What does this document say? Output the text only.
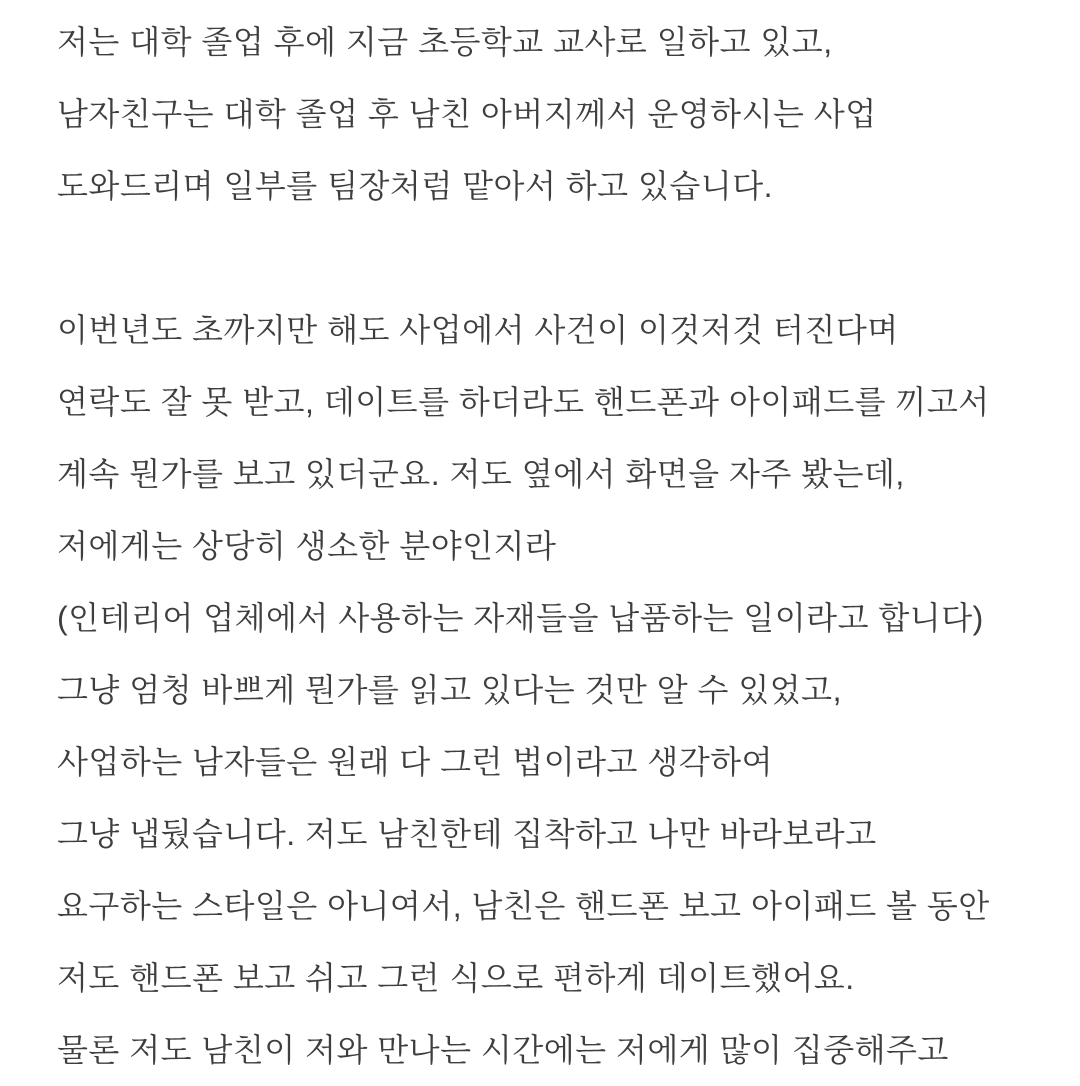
저는 대학 졸업 후에 지금 초등학교 교사로 일하고 있고,
남자친구는 대학 졸업 후 남친 아버지께서 운영하시는 사업
도와드리며 일부를 팀장처럼 맡아서 하고 있습니다.
이번년도 초까지만 해도 사업에서 사건이 이것저것 터진다며
연락도 잘 못 받고, 데이트를 하더라도 핸드폰과 아이패드를 끼고서
계속 뭔가를 보고 있더군요. 저도 옆에서 화면을 자주 봤는데,
저에게는 상당히 생소한 분야인지라
(인테리어 업체에서 사용하는 자재들을 납품하는 일이라고 합니다)
그냥 엄청 바쁘게 뭔가를 읽고 있다는 것만 알 수 있었고,
사업하는 남자들은 원래 다 그런 법이라고 생각하여
그냥 냅뒀습니다. 저도 남친한테 집착하고 나만 바라보라고
요구하는 스타일은 아니여서, 남친은 핸드폰 보고 아이패드 볼 동안
저도 핸드폰 보고 쉬고 그런 식으로 편하게 데이트했어요.
물론 저도 남친이 저와 만나는 시간에는 저에게 많이 집중해주고
